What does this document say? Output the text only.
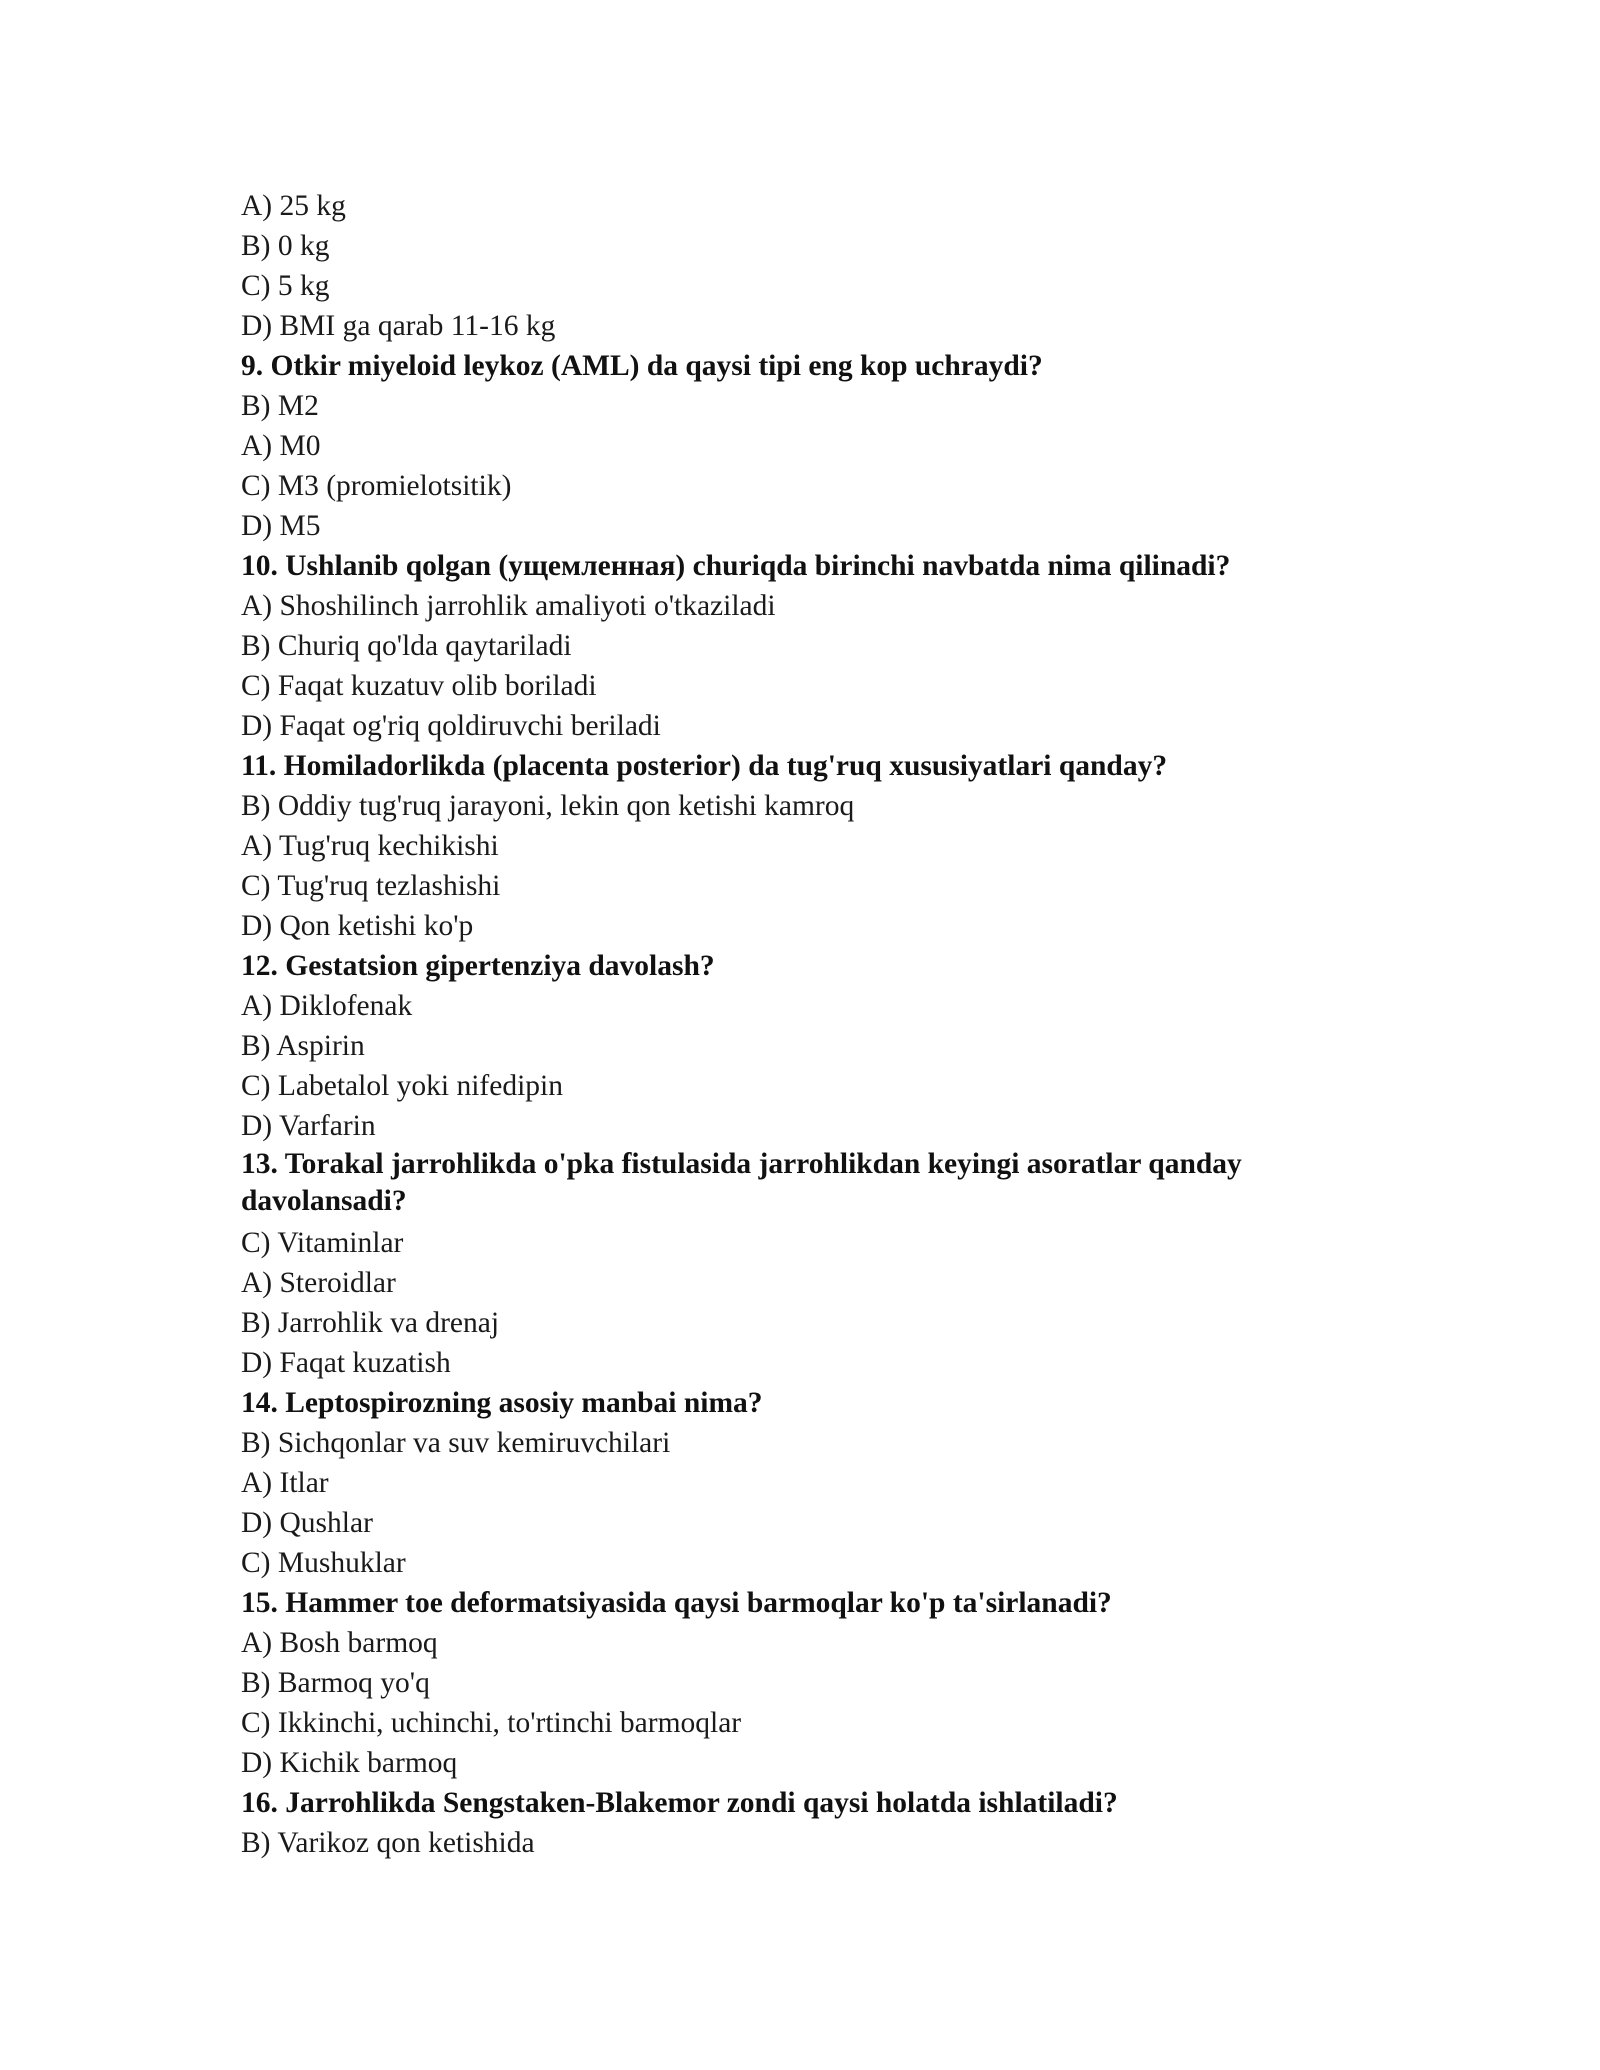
A) 25 kg
B) 0 kg
C) 5 kg
D) BMI ga qarab 11-16 kg
9. Otkir miyeloid leykoz (AML) da qaysi tipi eng kop uchraydi?
B) M2
A) M0
C) M3 (promielotsitik)
D) M5
10. Ushlanib qolgan (ущемленная) churiqda birinchi navbatda nima qilinadi?
A) Shoshilinch jarrohlik amaliyoti o'tkaziladi
B) Churiq qo'lda qaytariladi
C) Faqat kuzatuv olib boriladi
D) Faqat og'riq qoldiruvchi beriladi
11. Homiladorlikda (placenta posterior) da tug'ruq xususiyatlari qanday?
B) Oddiy tug'ruq jarayoni, lekin qon ketishi kamroq
A) Tug'ruq kechikishi
C) Tug'ruq tezlashishi
D) Qon ketishi ko'p
12. Gestatsion gipertenziya davolash?
A) Diklofenak
B) Aspirin
C) Labetalol yoki nifedipin
D) Varfarin
13. Torakal jarrohlikda o'pka fistulasida jarrohlikdan keyingi asoratlar qanday davolansadi?
C) Vitaminlar
A) Steroidlar
B) Jarrohlik va drenaj
D) Faqat kuzatish
14. Leptospirozning asosiy manbai nima?
B) Sichqonlar va suv kemiruvchilari
A) Itlar
D) Qushlar
C) Mushuklar
15. Hammer toe deformatsiyasida qaysi barmoqlar ko'p ta'sirlanadi?
A) Bosh barmoq
B) Barmoq yo'q
C) Ikkinchi, uchinchi, to'rtinchi barmoqlar
D) Kichik barmoq
16. Jarrohlikda Sengstaken-Blakemor zondi qaysi holatda ishlatiladi?
B) Varikoz qon ketishida
